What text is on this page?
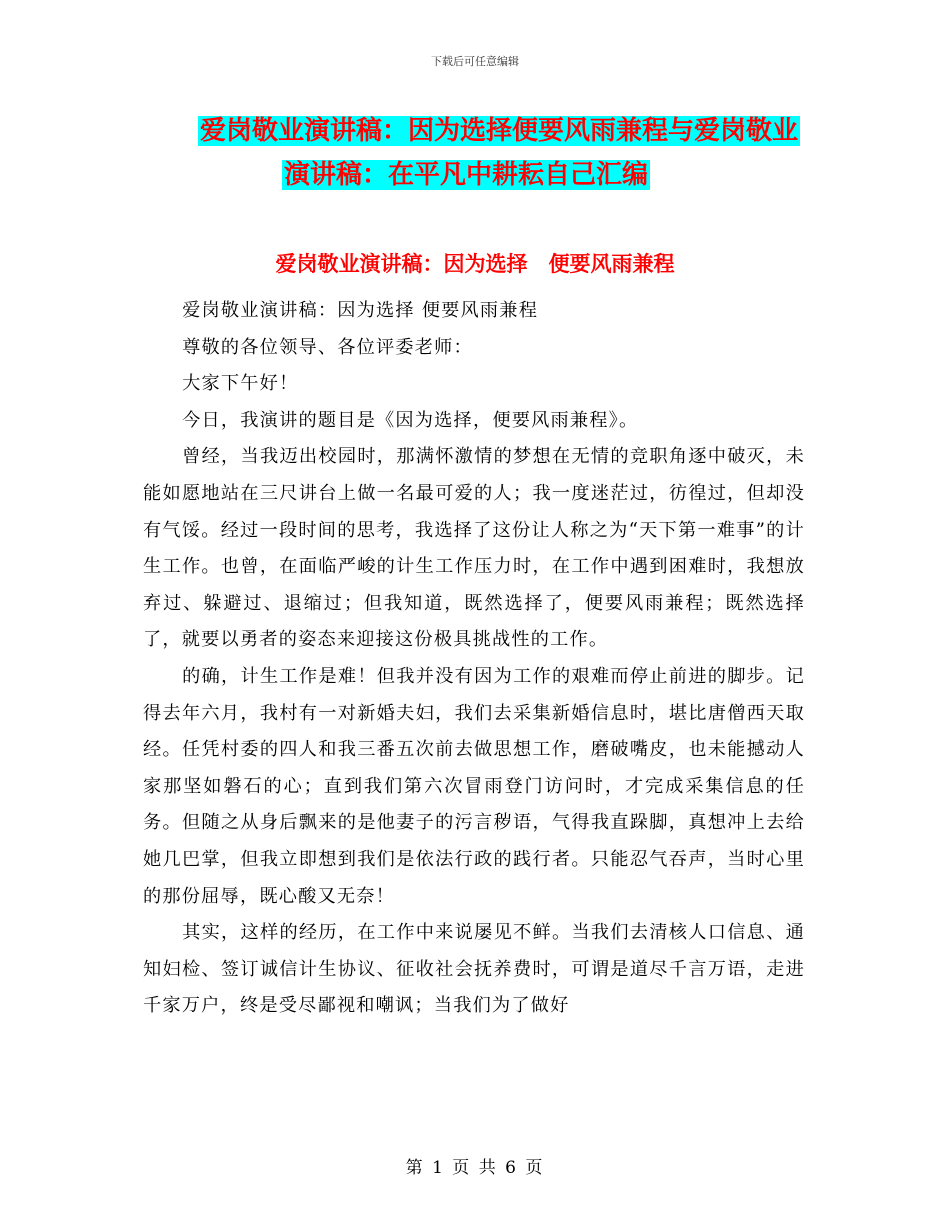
下载后可任意编辑
爱岗敬业演讲稿：因为选择便要风雨兼程与爱岗敬业
演讲稿：在平凡中耕耘自己汇编
爱岗敬业演讲稿：因为选择　便要风雨兼程

爱岗敬业演讲稿：因为选择 便要风雨兼程

尊敬的各位领导、各位评委老师：

大家下午好！

今日，我演讲的题目是《因为选择，便要风雨兼程》。

曾经，当我迈出校园时，那满怀激情的梦想在无情的竞职角逐中破灭，未能如愿地站在三尺讲台上做一名最可爱的人；我一度迷茫过，彷徨过，但却没有气馁。经过一段时间的思考，我选择了这份让人称之为“天下第一难事”的计生工作。也曾，在面临严峻的计生工作压力时，在工作中遇到困难时，我想放弃过、躲避过、退缩过；但我知道，既然选择了，便要风雨兼程；既然选择了，就要以勇者的姿态来迎接这份极具挑战性的工作。

的确，计生工作是难！但我并没有因为工作的艰难而停止前进的脚步。记得去年六月，我村有一对新婚夫妇，我们去采集新婚信息时，堪比唐僧西天取经。任凭村委的四人和我三番五次前去做思想工作，磨破嘴皮，也未能撼动人家那坚如磐石的心；直到我们第六次冒雨登门访问时，才完成采集信息的任务。但随之从身后飘来的是他妻子的污言秽语，气得我直跺脚，真想冲上去给她几巴掌，但我立即想到我们是依法行政的践行者。只能忍气吞声，当时心里的那份屈辱，既心酸又无奈！

其实，这样的经历，在工作中来说屡见不鲜。当我们去清核人口信息、通知妇检、签订诚信计生协议、征收社会抚养费时，可谓是道尽千言万语，走进千家万户，终是受尽鄙视和嘲讽；当我们为了做好

第 1 页 共 6 页
